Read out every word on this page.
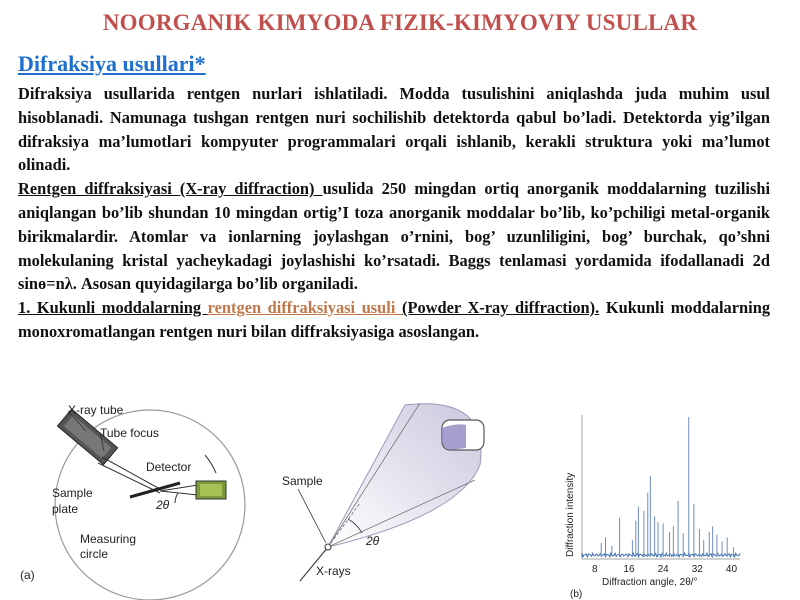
NOORGANIK KIMYODA FIZIK-KIMYOVIY USULLAR
Difraksiya usullari*

Difraksiya usullarida rentgen nurlari ishlatiladi. Modda tusulishini aniqlashda juda muhim usul hisoblanadi. Namunaga tushgan rentgen nuri sochilishib detektorda qabul bo’ladi. Detektorda yig’ilgan difraksiya ma’lumotlari kompyuter programmalari orqali ishlanib, kerakli struktura yoki ma’lumot olinadi.

Rentgen diffraksiyasi (X-ray diffraction) usulida 250 mingdan ortiq anorganik moddalarning tuzilishi aniqlangan bo’lib shundan 10 mingdan ortig’I toza anorganik moddalar bo’lib, ko’pchiligi metal-organik birikmalardir. Atomlar va ionlarning joylashgan o’rnini, bog’ uzunliligini, bog’ burchak, qo’shni molekulaning kristal yacheykadagi joylashishi ko’rsatadi. Baggs tenlamasi yordamida ifodallanadi 2d sinө=nλ. Asosan quyidagilarga bo’lib organiladi.

1. Kukunli moddalarning rentgen diffraksiyasi usuli (Powder X-ray diffraction). Kukunli moddalarning monoxromatlangan rentgen nuri bilan diffraksiyasiga asoslangan.

X-ray tube
Tube focus
Detector
Sample
plate	2θ
Measuring
circle
(a)
Sample
2θ
X-rays
Diffraction intensity
8	16 24 32 40
Diffraction angle, 2θ/°
(b)
